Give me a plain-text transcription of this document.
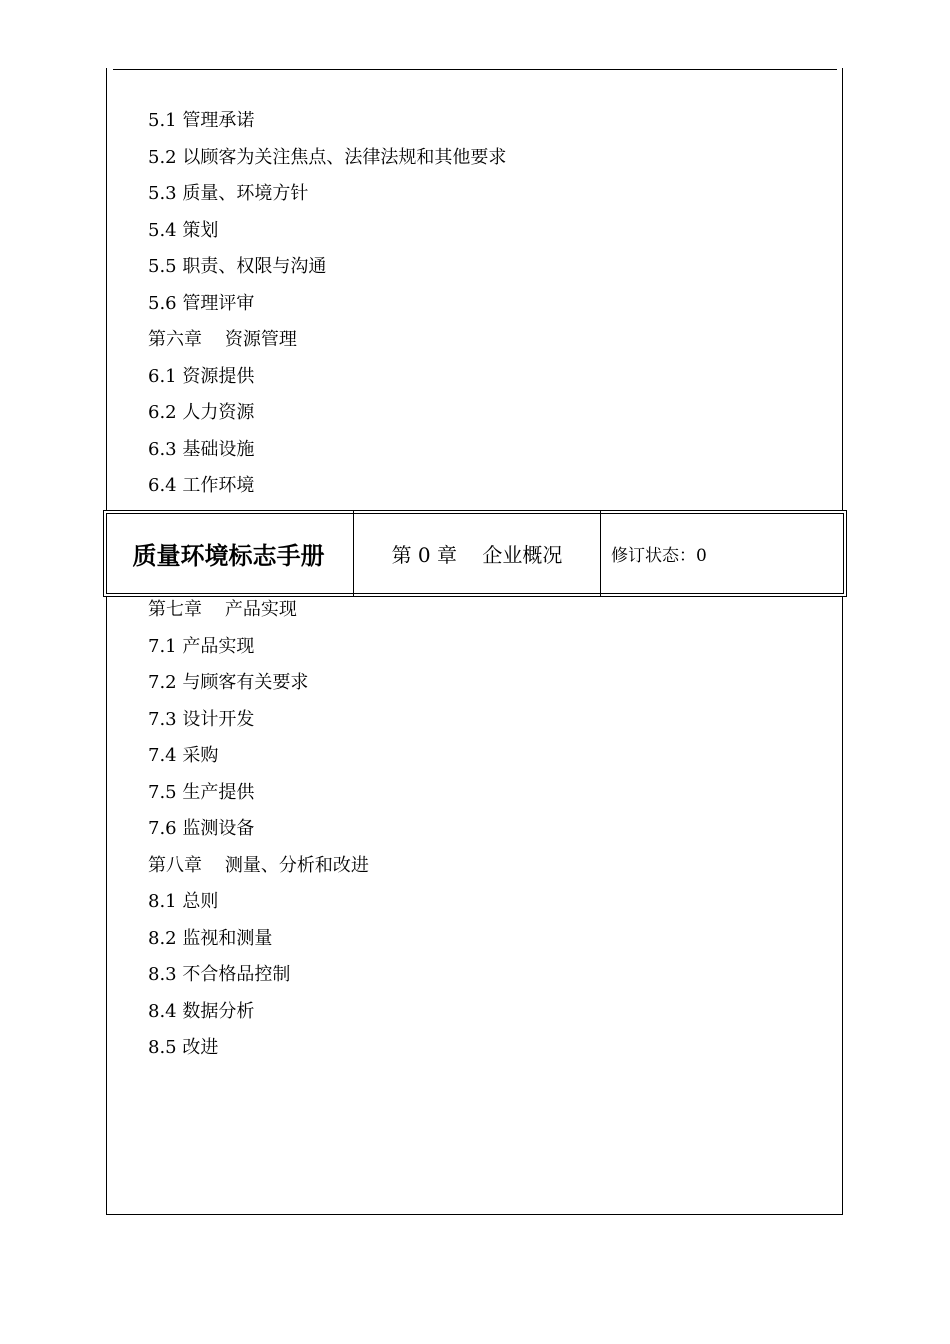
5.1 管理承诺
5.2 以顾客为关注焦点、法律法规和其他要求
5.3 质量、环境方针
5.4 策划
5.5 职责、权限与沟通
5.6 管理评审
第六章    资源管理
6.1 资源提供
6.2 人力资源
6.3 基础设施
6.4 工作环境
质量环境标志手册	第 0 章    企业概况	修订状态：0
第七章    产品实现
7.1 产品实现
7.2 与顾客有关要求
7.3 设计开发
7.4 采购
7.5 生产提供
7.6 监测设备
第八章    测量、分析和改进
8.1 总则
8.2 监视和测量
8.3 不合格品控制
8.4 数据分析
8.5 改进
